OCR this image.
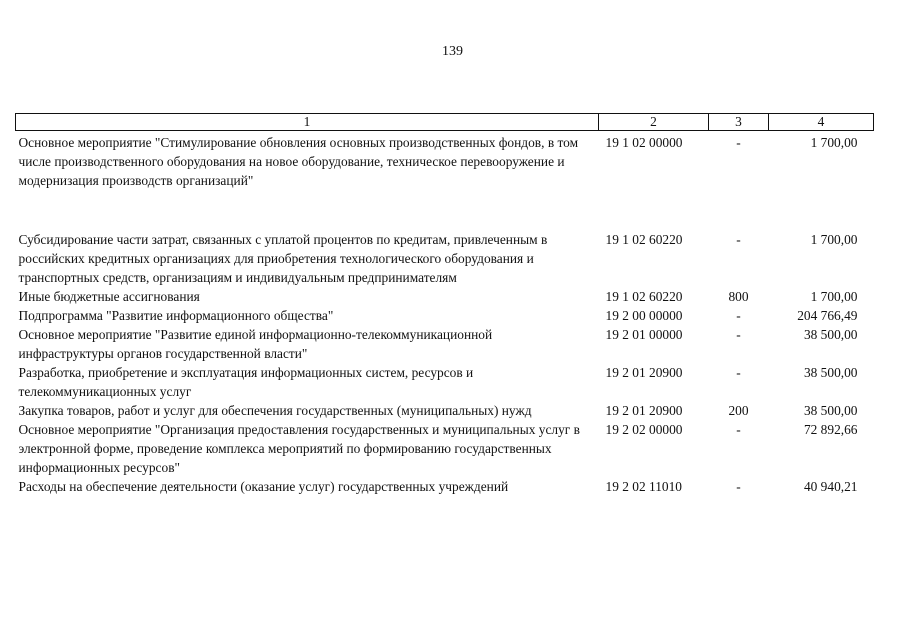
139
1	2	3	4
Основное мероприятие "Стимулирование обновления основных производственных фондов, в том числе производственного оборудования на новое оборудование, техническое перевооружение и модернизация производств организаций"	19 1 02 00000	-	1 700,00
Субсидирование части затрат, связанных с уплатой процентов по кредитам, привлеченным в российских кредитных организациях для приобретения технологического оборудования и транспортных средств, организациям и индивидуальным предпринимателям	19 1 02 60220	-	1 700,00
Иные бюджетные ассигнования	19 1 02 60220	800	1 700,00
Подпрограмма "Развитие информационного общества"	19 2 00 00000	-	204 766,49
Основное мероприятие "Развитие единой информационно-телекоммуникационной инфраструктуры органов государственной власти"	19 2 01 00000	-	38 500,00
Разработка, приобретение и эксплуатация информационных систем, ресурсов и телекоммуникационных услуг	19 2 01 20900	-	38 500,00
Закупка товаров, работ и услуг для обеспечения государственных (муниципальных) нужд	19 2 01 20900	200	38 500,00
Основное мероприятие "Организация предоставления государственных и муниципальных услуг в электронной форме, проведение комплекса мероприятий по формированию государственных информационных ресурсов"	19 2 02 00000	-	72 892,66
Расходы на обеспечение деятельности (оказание услуг) государственных учреждений	19 2 02 11010	-	40 940,21
